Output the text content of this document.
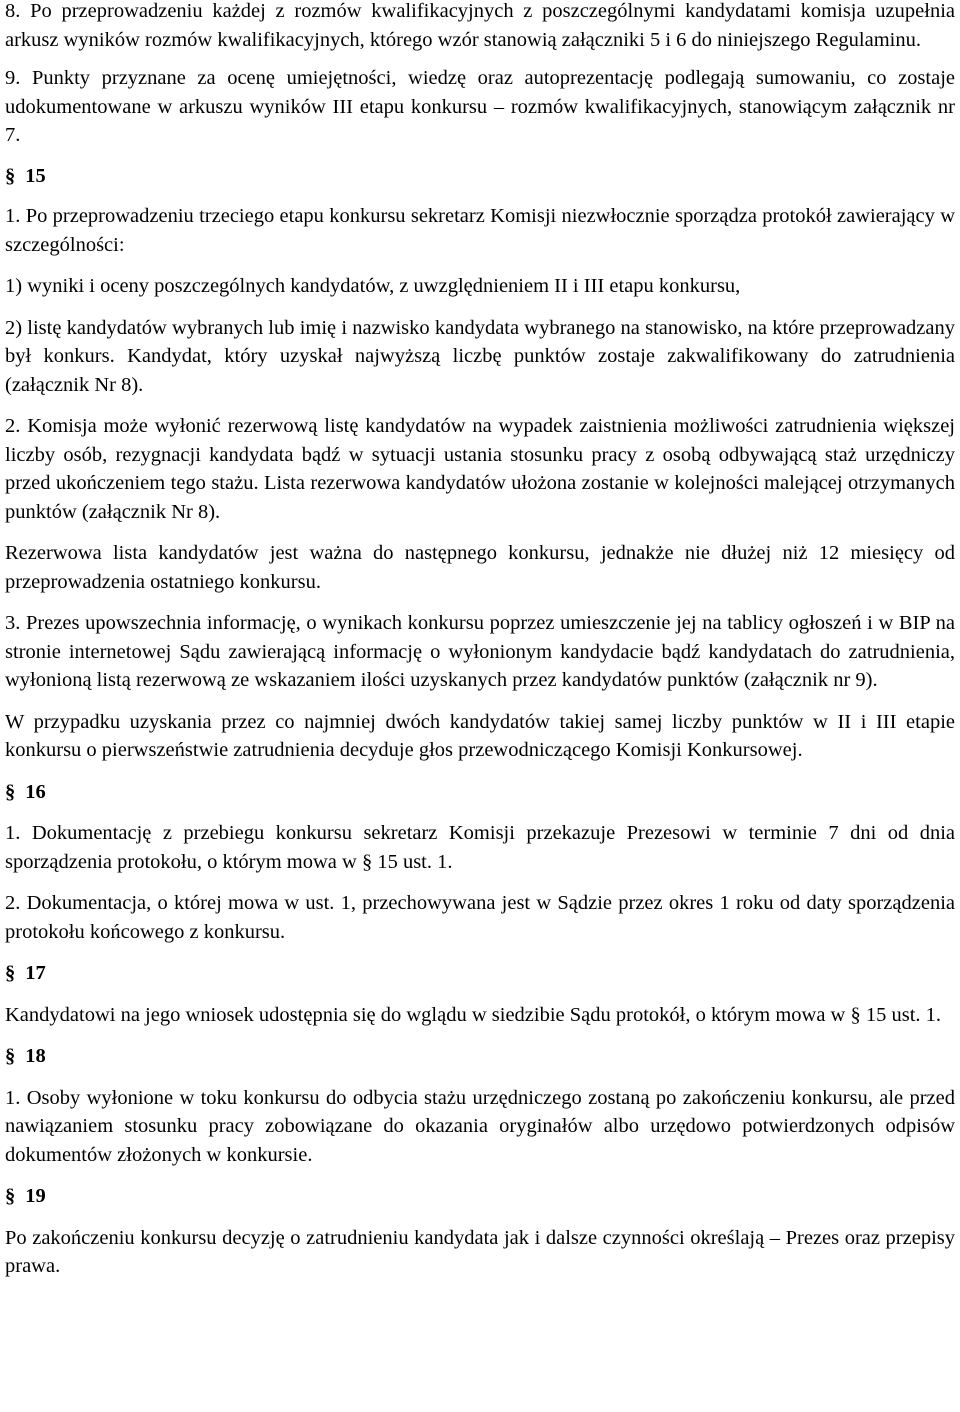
8. Po przeprowadzeniu każdej z rozmów kwalifikacyjnych z poszczególnymi kandydatami komisja uzupełnia arkusz wyników rozmów kwalifikacyjnych, którego wzór stanowią załączniki 5 i 6 do niniejszego Regulaminu.

9. Punkty przyznane za ocenę umiejętności, wiedzę oraz autoprezentację podlegają sumowaniu, co zostaje udokumentowane w arkuszu wyników III etapu konkursu – rozmów kwalifikacyjnych, stanowiącym załącznik nr 7.

§ 15

1. Po przeprowadzeniu trzeciego etapu konkursu sekretarz Komisji niezwłocznie sporządza protokół zawierający w szczególności:

1) wyniki i oceny poszczególnych kandydatów, z uwzględnieniem II i III etapu konkursu,

2) listę kandydatów wybranych lub imię i nazwisko kandydata wybranego na stanowisko, na które przeprowadzany był konkurs. Kandydat, który uzyskał najwyższą liczbę punktów zostaje zakwalifikowany do zatrudnienia (załącznik Nr 8).

2. Komisja może wyłonić rezerwową listę kandydatów na wypadek zaistnienia możliwości zatrudnienia większej liczby osób, rezygnacji kandydata bądź w sytuacji ustania stosunku pracy z osobą odbywającą staż urzędniczy przed ukończeniem tego stażu. Lista rezerwowa kandydatów ułożona zostanie w kolejności malejącej otrzymanych punktów (załącznik Nr 8).

Rezerwowa lista kandydatów jest ważna do następnego konkursu, jednakże nie dłużej niż 12 miesięcy od przeprowadzenia ostatniego konkursu.

3. Prezes upowszechnia informację, o wynikach konkursu poprzez umieszczenie jej na tablicy ogłoszeń i w BIP na stronie internetowej Sądu zawierającą informację o wyłonionym kandydacie bądź kandydatach do zatrudnienia, wyłonioną listą rezerwową ze wskazaniem ilości uzyskanych przez kandydatów punktów (załącznik nr 9).

W przypadku uzyskania przez co najmniej dwóch kandydatów takiej samej liczby punktów w II i III etapie konkursu o pierwszeństwie zatrudnienia decyduje głos przewodniczącego Komisji Konkursowej.

§ 16

1. Dokumentację z przebiegu konkursu sekretarz Komisji przekazuje Prezesowi w terminie 7 dni od dnia sporządzenia protokołu, o którym mowa w § 15 ust. 1.

2. Dokumentacja, o której mowa w ust. 1, przechowywana jest w Sądzie przez okres 1 roku od daty sporządzenia protokołu końcowego z konkursu.

§ 17

Kandydatowi na jego wniosek udostępnia się do wglądu w siedzibie Sądu protokół, o którym mowa w § 15 ust. 1.

§ 18

1. Osoby wyłonione w toku konkursu do odbycia stażu urzędniczego zostaną po zakończeniu konkursu, ale przed nawiązaniem stosunku pracy zobowiązane do okazania oryginałów albo urzędowo potwierdzonych odpisów dokumentów złożonych w konkursie.

§ 19

Po zakończeniu konkursu decyzję o zatrudnieniu kandydata jak i dalsze czynności określają – Prezes oraz przepisy prawa.
